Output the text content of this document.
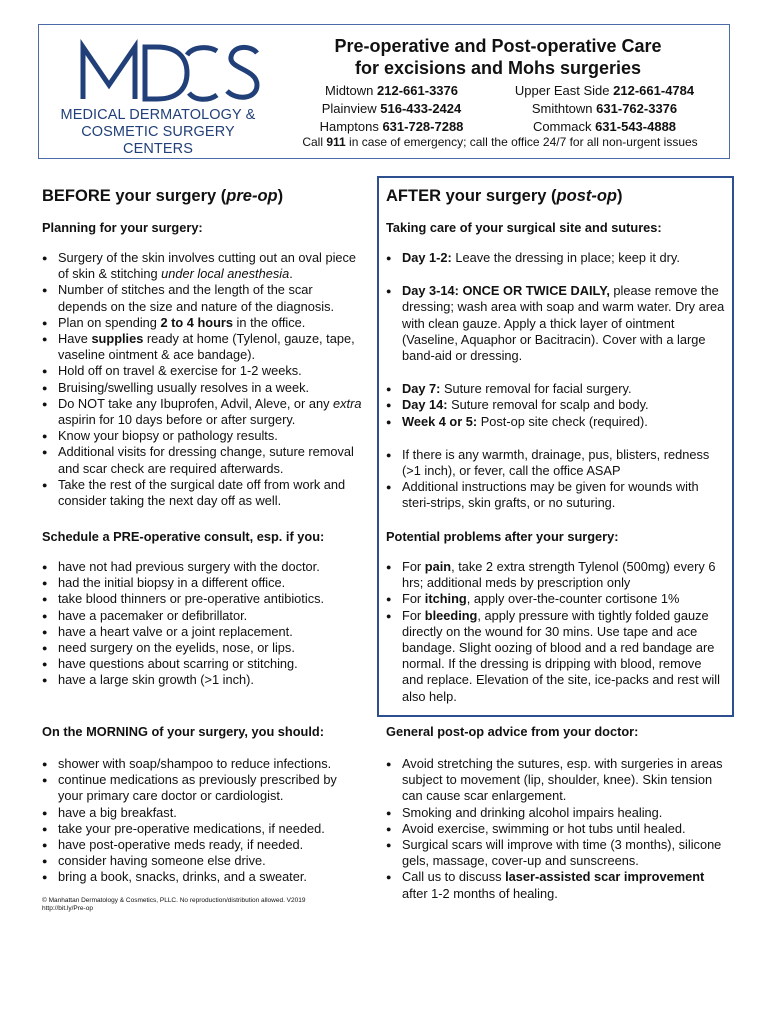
MEDICAL DERMATOLOGY &
COSMETIC SURGERY CENTERS
Pre-operative and Post-operative Care
for excisions and Mohs surgeries
Midtown 212-661-3376	Upper East Side 212-661-4784
Plainview 516-433-2424	Smithtown 631-762-3376
Hamptons 631-728-7288	Commack 631-543-4888
Call 911 in case of emergency; call the office 24/7 for all non-urgent issues
BEFORE your surgery (pre-op)
Planning for your surgery:
● Surgery of the skin involves cutting out an oval piece of skin & stitching under local anesthesia.
● Number of stitches and the length of the scar depends on the size and nature of the diagnosis.
● Plan on spending 2 to 4 hours in the office.
● Have supplies ready at home (Tylenol, gauze, tape, vaseline ointment & ace bandage).
● Hold off on travel & exercise for 1-2 weeks.
● Bruising/swelling usually resolves in a week.
● Do NOT take any Ibuprofen, Advil, Aleve, or any extra aspirin for 10 days before or after surgery.
● Know your biopsy or pathology results.
● Additional visits for dressing change, suture removal and scar check are required afterwards.
● Take the rest of the surgical date off from work and consider taking the next day off as well.
Schedule a PRE-operative consult, esp. if you:
● have not had previous surgery with the doctor.
● had the initial biopsy in a different office.
● take blood thinners or pre-operative antibiotics.
● have a pacemaker or defibrillator.
● have a heart valve or a joint replacement.
● need surgery on the eyelids, nose, or lips.
● have questions about scarring or stitching.
● have a large skin growth (>1 inch).
On the MORNING of your surgery, you should:
● shower with soap/shampoo to reduce infections.
● continue medications as previously prescribed by your primary care doctor or cardiologist.
● have a big breakfast.
● take your pre-operative medications, if needed.
● have post-operative meds ready, if needed.
● consider having someone else drive.
● bring a book, snacks, drinks, and a sweater.
© Manhattan Dermatology & Cosmetics, PLLC. No reproduction/distribution allowed. V2019
http://bit.ly/Pre-op
AFTER your surgery (post-op)
Taking care of your surgical site and sutures:
● Day 1-2: Leave the dressing in place; keep it dry.
● Day 3-14: ONCE OR TWICE DAILY, please remove the dressing; wash area with soap and warm water. Dry area with clean gauze. Apply a thick layer of ointment (Vaseline, Aquaphor or Bacitracin). Cover with a large band-aid or dressing.
● Day 7: Suture removal for facial surgery.
● Day 14: Suture removal for scalp and body.
● Week 4 or 5: Post-op site check (required).
● If there is any warmth, drainage, pus, blisters, redness (>1 inch), or fever, call the office ASAP
● Additional instructions may be given for wounds with steri-strips, skin grafts, or no suturing.
Potential problems after your surgery:
● For pain, take 2 extra strength Tylenol (500mg) every 6 hrs; additional meds by prescription only
● For itching, apply over-the-counter cortisone 1%
● For bleeding, apply pressure with tightly folded gauze directly on the wound for 30 mins. Use tape and ace bandage. Slight oozing of blood and a red bandage are normal. If the dressing is dripping with blood, remove and replace. Elevation of the site, ice-packs and rest will also help.
General post-op advice from your doctor:
● Avoid stretching the sutures, esp. with surgeries in areas subject to movement (lip, shoulder, knee). Skin tension can cause scar enlargement.
● Smoking and drinking alcohol impairs healing.
● Avoid exercise, swimming or hot tubs until healed.
● Surgical scars will improve with time (3 months), silicone gels, massage, cover-up and sunscreens.
● Call us to discuss laser-assisted scar improvement after 1-2 months of healing.
